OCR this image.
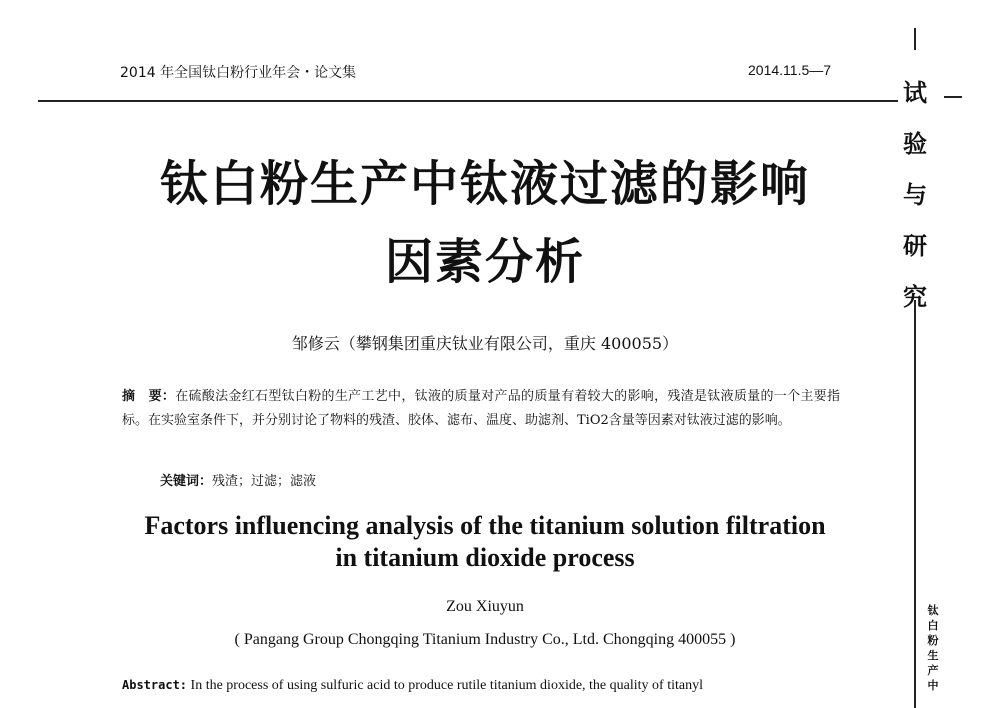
2014 年全国钛白粉行业年会・论文集	2014.11.5—7
试
验
与
研
究
钛
白
粉
生
产
中
钛白粉生产中钛液过滤的影响
因素分析
邹修云（攀钢集团重庆钛业有限公司，重庆 400055）
摘　要：在硫酸法金红石型钛白粉的生产工艺中，钛液的质量对产品的质量有着较大的影响，残渣是钛液质量的一个主要指标。在实验室条件下，并分别讨论了物料的残渣、胶体、滤布、温度、助滤剂、TiO2含量等因素对钛液过滤的影响。
关键词：残渣；过滤；滤液
Factors influencing analysis of the titanium solution filtration
in titanium dioxide process
Zou Xiuyun
( Pangang Group Chongqing Titanium Industry Co., Ltd. Chongqing 400055 )
Abstract: In the process of using sulfuric acid to produce rutile titanium dioxide, the quality of titanyl
